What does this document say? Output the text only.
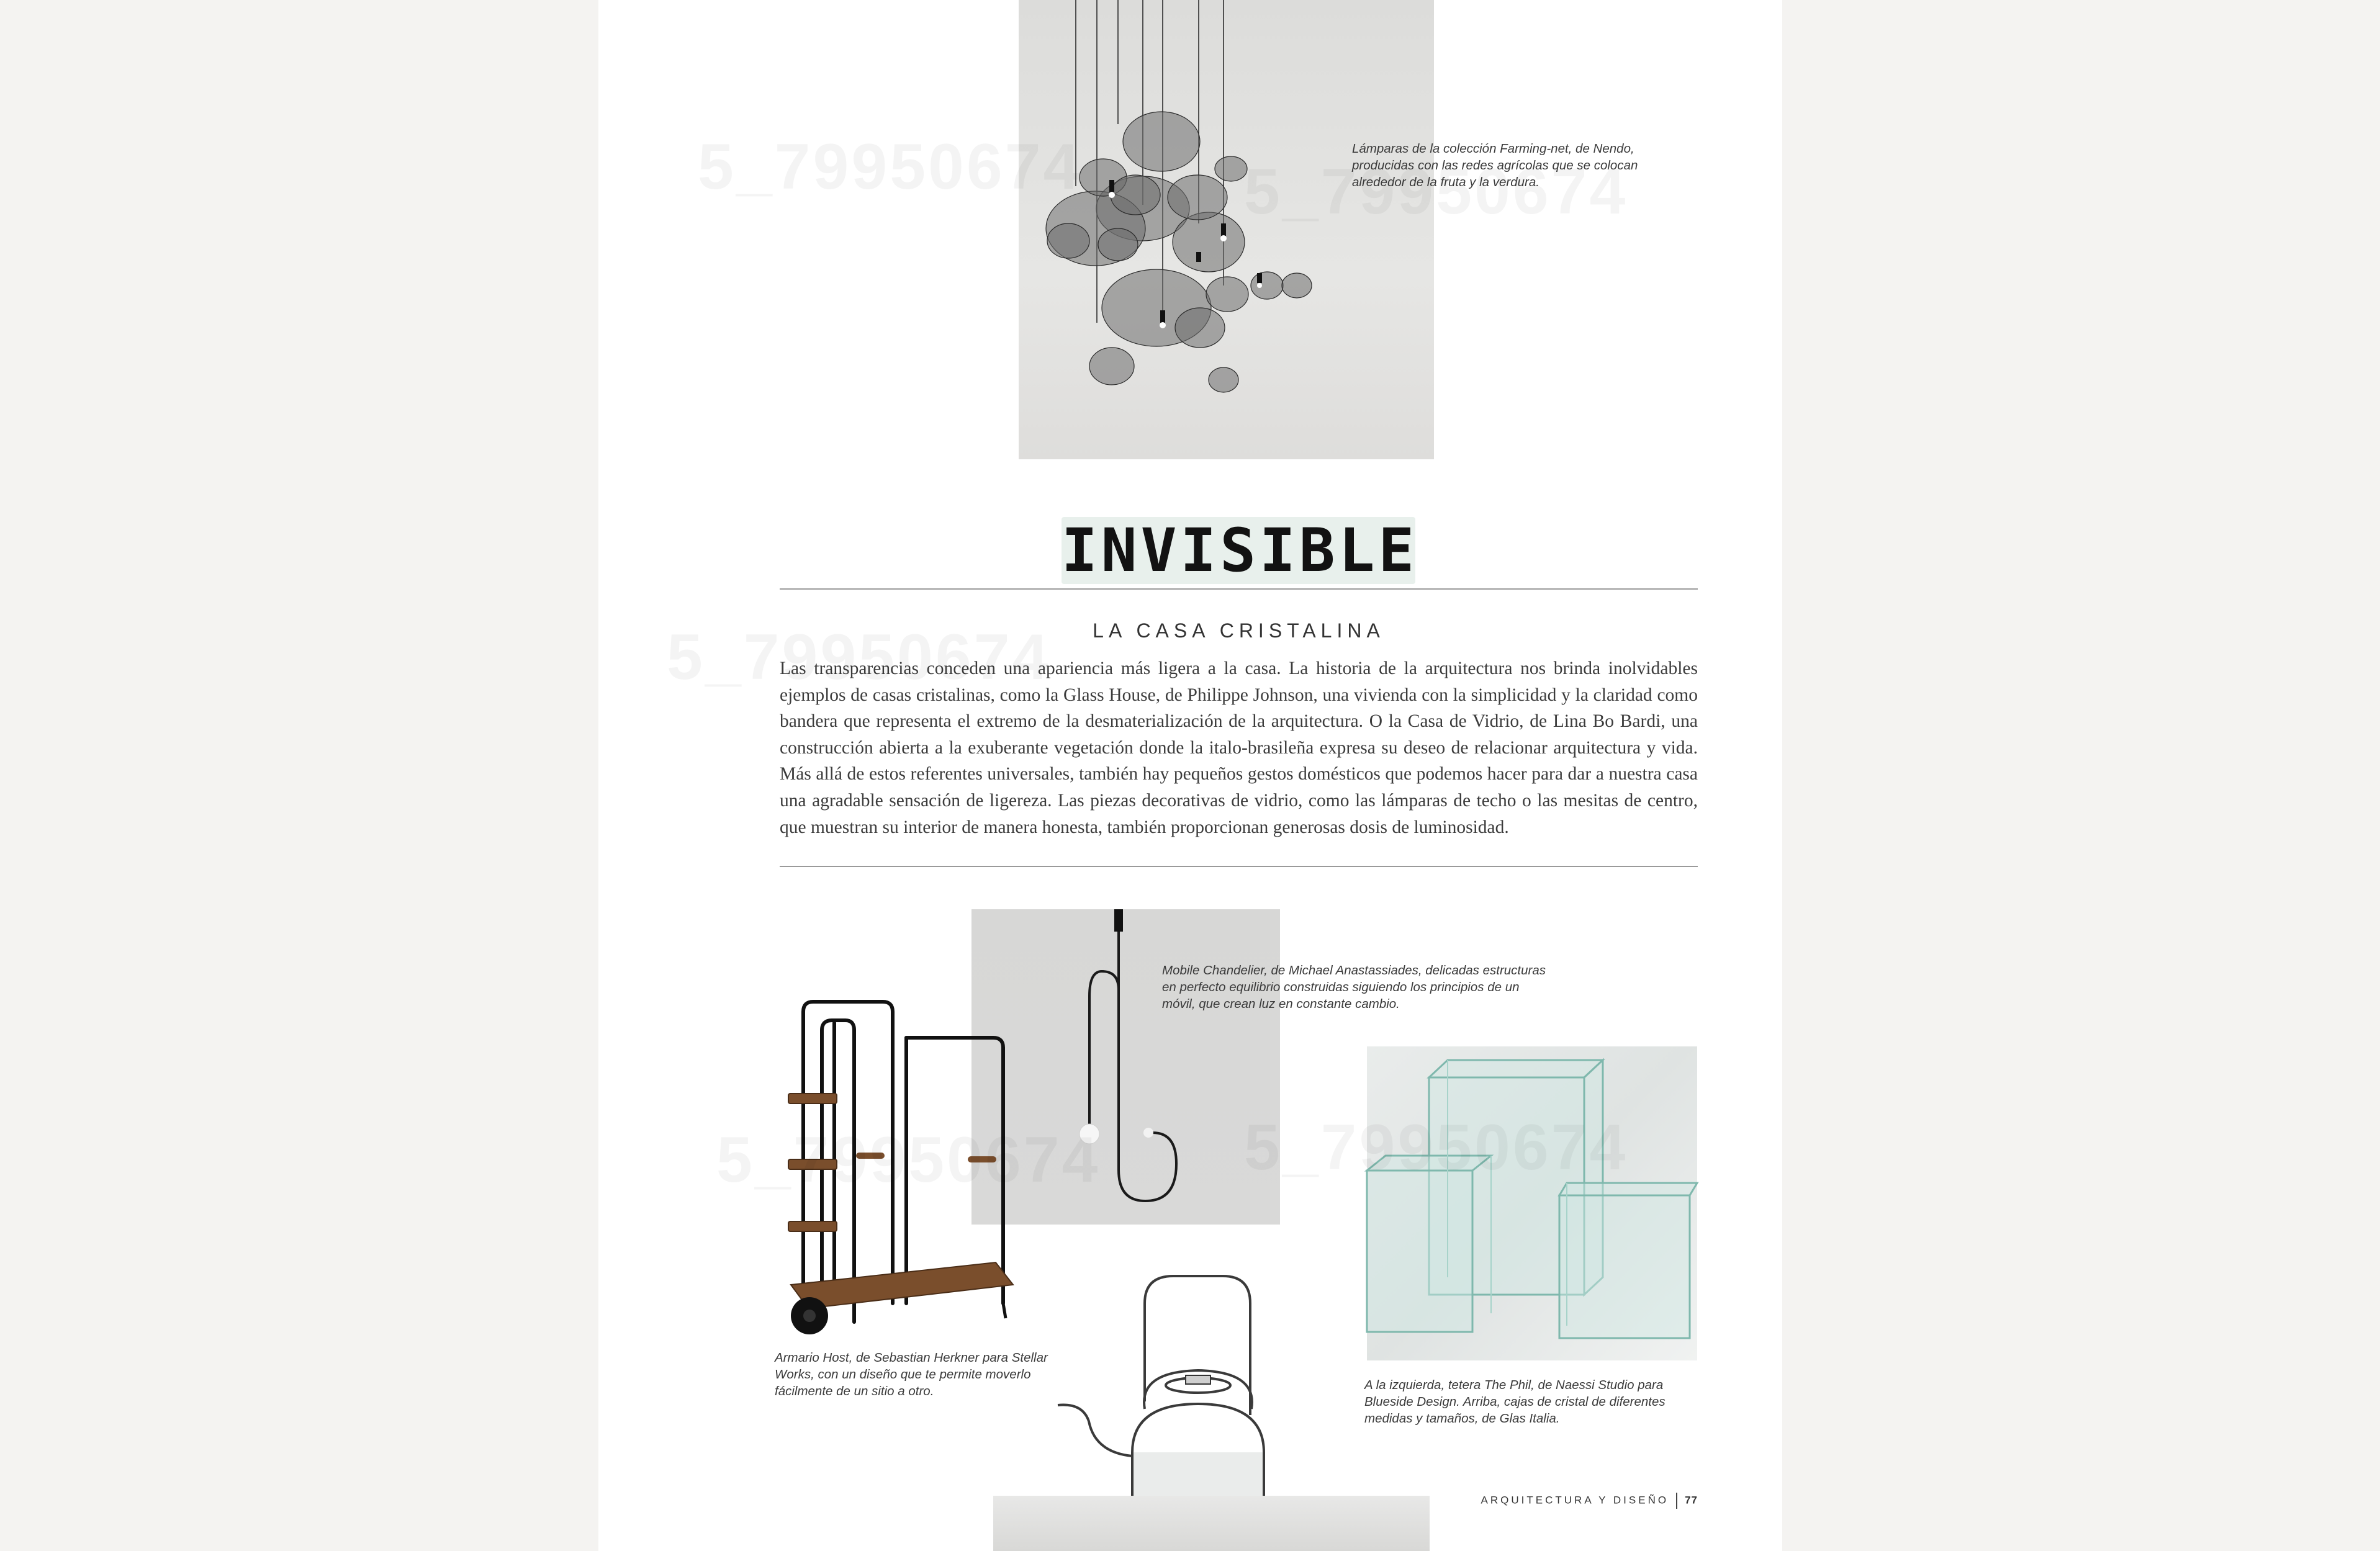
Lámparas de la colección Farming-net, de Nendo, producidas con las redes agrícolas que se colocan alrededor de la fruta y la verdura.
INVISIBLE
LA CASA CRISTALINA
Las transparencias conceden una apariencia más ligera a la casa. La historia de la arquitectura nos brinda inolvidables ejemplos de casas cristalinas, como la Glass House, de Philippe Johnson, una vivienda con la simplicidad y la claridad como bandera que representa el extremo de la desmaterialización de la arquitectura. O la Casa de Vidrio, de Lina Bo Bardi, una construcción abierta a la exuberante vegetación donde la italo-brasileña expresa su deseo de relacionar arquitectura y vida. Más allá de estos referentes universales, también hay pequeños gestos domésticos que podemos hacer para dar a nuestra casa una agradable sensación de ligereza. Las piezas decorativas de vidrio, como las lámparas de techo o las mesitas de centro, que muestran su interior de manera honesta, también proporcionan generosas dosis de luminosidad.
Mobile Chandelier, de Michael Anastassiades, delicadas estructuras en perfecto equilibrio construidas siguiendo los principios de un móvil, que crean luz en constante cambio.
Armario Host, de Sebastian Herkner para Stellar Works, con un diseño que te permite moverlo fácilmente de un sitio a otro.	A la izquierda, tetera The Phil, de Naessi Studio para Blueside Design. Arriba, cajas de cristal de diferentes medidas y tamaños, de Glas Italia.
ARQUITECTURA Y DISEÑO 77
